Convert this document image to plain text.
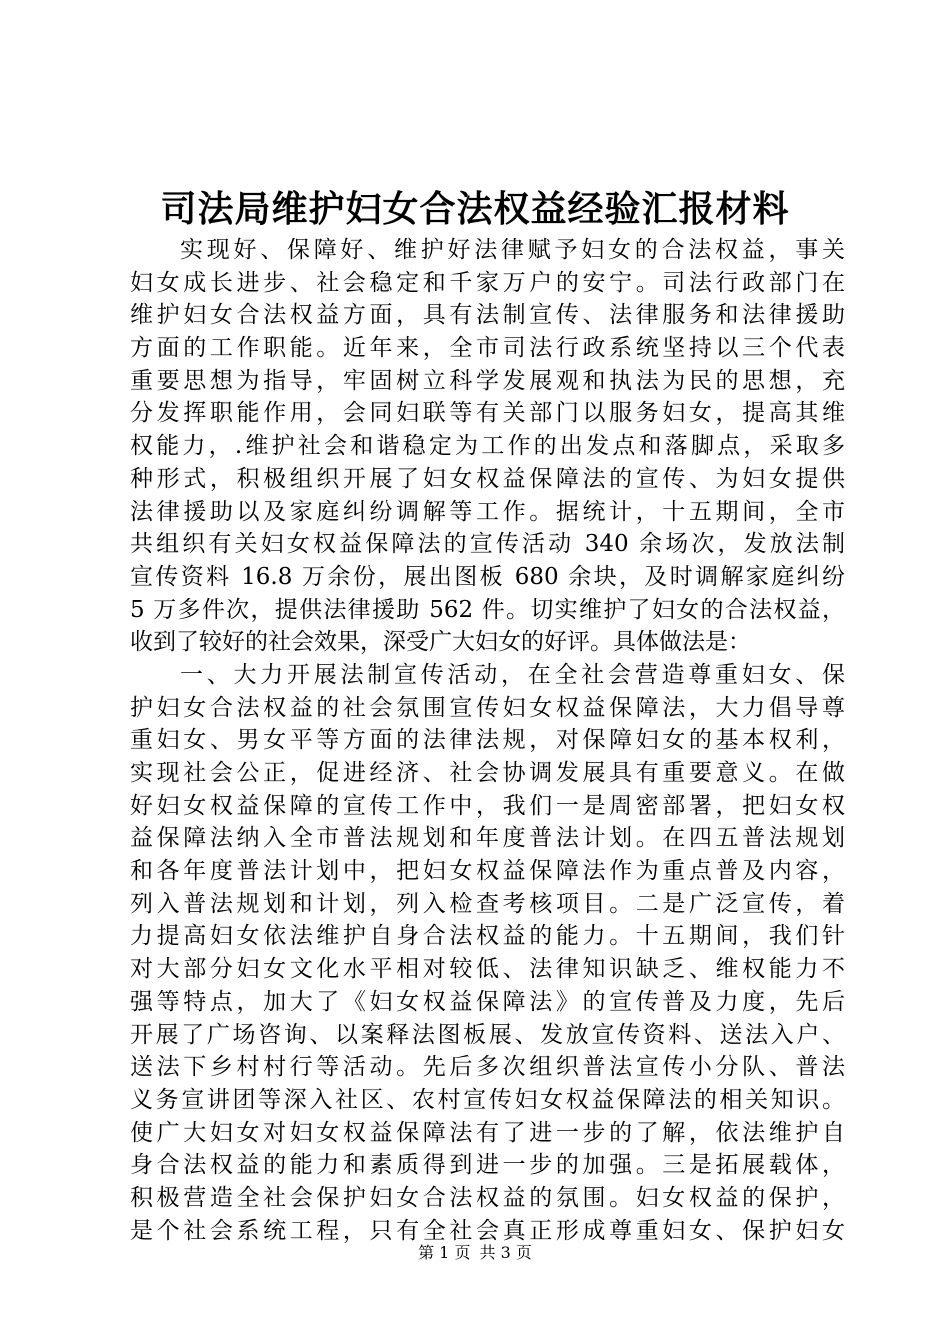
司法局维护妇女合法权益经验汇报材料
实现好、保障好、维护好法律赋予妇女的合法权益，事关
妇女成长进步、社会稳定和千家万户的安宁。司法行政部门在
维护妇女合法权益方面，具有法制宣传、法律服务和法律援助
方面的工作职能。近年来，全市司法行政系统坚持以三个代表
重要思想为指导，牢固树立科学发展观和执法为民的思想，充
分发挥职能作用，会同妇联等有关部门以服务妇女，提高其维
权能力，.维护社会和谐稳定为工作的出发点和落脚点，采取多
种形式，积极组织开展了妇女权益保障法的宣传、为妇女提供
法律援助以及家庭纠纷调解等工作。据统计，十五期间，全市
共组织有关妇女权益保障法的宣传活动 340 余场次，发放法制
宣传资料 16.8 万余份，展出图板 680 余块，及时调解家庭纠纷
5 万多件次，提供法律援助 562 件。切实维护了妇女的合法权益，
收到了较好的社会效果，深受广大妇女的好评。具体做法是：
一、大力开展法制宣传活动，在全社会营造尊重妇女、保
护妇女合法权益的社会氛围宣传妇女权益保障法，大力倡导尊
重妇女、男女平等方面的法律法规，对保障妇女的基本权利，
实现社会公正，促进经济、社会协调发展具有重要意义。在做
好妇女权益保障的宣传工作中，我们一是周密部署，把妇女权
益保障法纳入全市普法规划和年度普法计划。在四五普法规划
和各年度普法计划中，把妇女权益保障法作为重点普及内容，
列入普法规划和计划，列入检查考核项目。二是广泛宣传，着
力提高妇女依法维护自身合法权益的能力。十五期间，我们针
对大部分妇女文化水平相对较低、法律知识缺乏、维权能力不
强等特点，加大了《妇女权益保障法》的宣传普及力度，先后
开展了广场咨询、以案释法图板展、发放宣传资料、送法入户、
送法下乡村村行等活动。先后多次组织普法宣传小分队、普法
义务宣讲团等深入社区、农村宣传妇女权益保障法的相关知识。
使广大妇女对妇女权益保障法有了进一步的了解，依法维护自
身合法权益的能力和素质得到进一步的加强。三是拓展载体，
积极营造全社会保护妇女合法权益的氛围。妇女权益的保护，
是个社会系统工程，只有全社会真正形成尊重妇女、保护妇女
第 1 页 共 3 页
